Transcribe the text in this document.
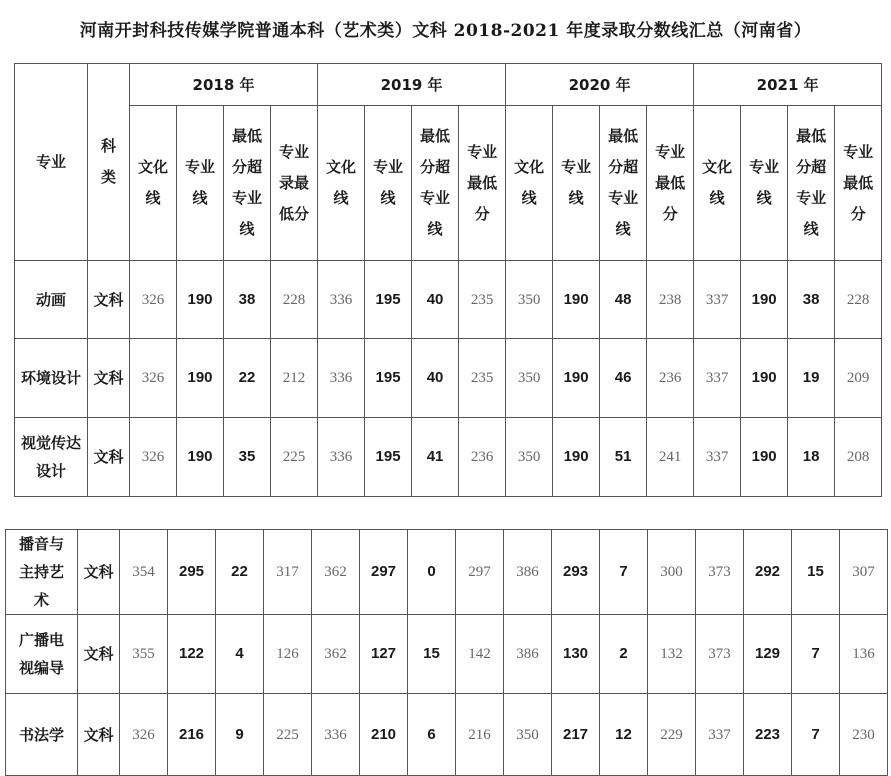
河南开封科技传媒学院普通本科（艺术类）文科 2018-2021 年度录取分数线汇总（河南省）
专业	科类	2018 年				2019 年				2020 年				2021 年			
		文化线	专业线	最低分超专业线	专业录最低分	文化线	专业线	最低分超专业线	专业最低分	文化线	专业线	最低分超专业线	专业最低分	文化线	专业线	最低分超专业线	专业最低分
动画	文科	326	190	38	228	336	195	40	235	350	190	48	238	337	190	38	228
环境设计	文科	326	190	22	212	336	195	40	235	350	190	46	236	337	190	19	209
视觉传达设计	文科	326	190	35	225	336	195	41	236	350	190	51	241	337	190	18	208
播音与主持艺术	文科	354	295	22	317	362	297	0	297	386	293	7	300	373	292	15	307
广播电视编导	文科	355	122	4	126	362	127	15	142	386	130	2	132	373	129	7	136
书法学	文科	326	216	9	225	336	210	6	216	350	217	12	229	337	223	7	230
